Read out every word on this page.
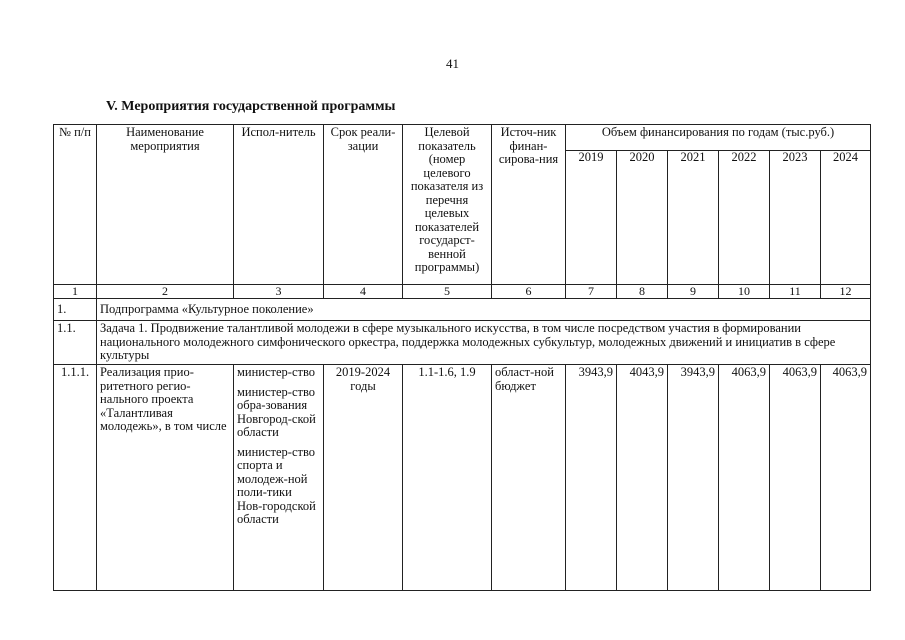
41
V. Мероприятия государственной программы
№ п/п	Наименование мероприятия	Испол-нитель	Срок реали-зации	Целевой показатель (номер целевого показателя из перечня целевых показателей государст-венной программы)	Источ-ник финан-сирова-ния	Объем финансирования по годам (тыс.руб.)					
						2019	2020	2021	2022	2023	2024
1	2	3	4	5	6	7	8	9	10	11	12
1.	Подпрограмма «Культурное поколение»										
1.1.	Задача 1. Продвижение талантливой молодежи в сфере музыкального искусства, в том числе посредством участия в формировании национального молодежного симфонического оркестра, поддержка молодежных субкультур, молодежных движений и инициатив в сфере культуры										
1.1.1.	Реализация прио-ритетного регио-нального проекта «Талантливая молодежь», в том числе	министер-ство

министер-ство обра-зования Новгород-ской области

министер-ство спорта и молодеж-ной поли-тики Нов-городской области	2019-2024 годы	1.1-1.6, 1.9	област-ной бюджет	3943,9	4043,9	3943,9	4063,9	4063,9	4063,9
